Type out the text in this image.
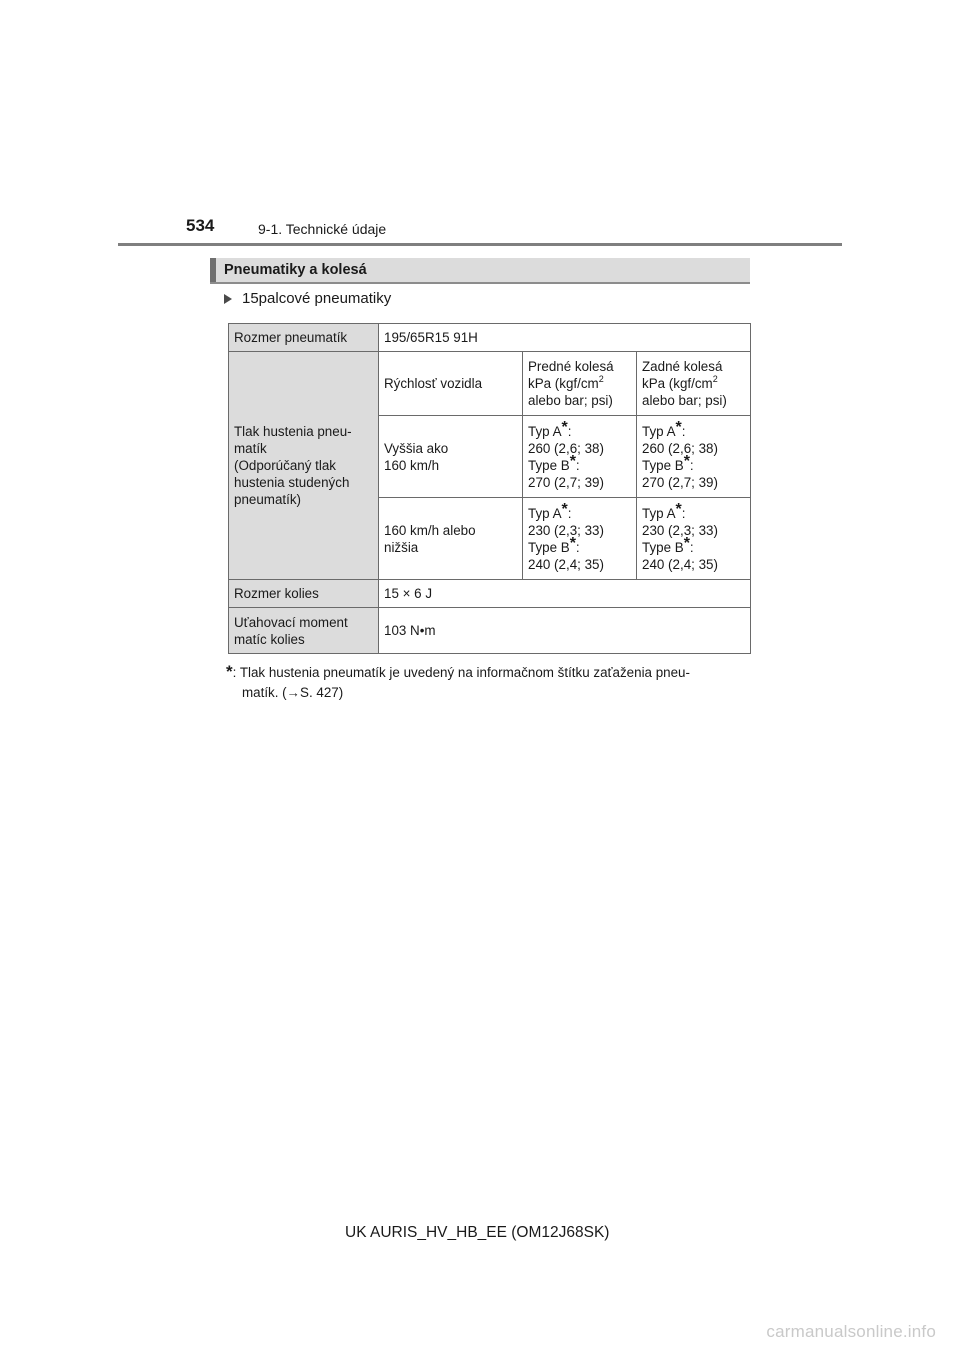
534	9-1. Technické údaje
Pneumatiky a kolesá
15palcové pneumatiky
Rozmer pneumatík	195/65R15 91H		
Tlak hustenia pneu-
matík
(Odporúčaný tlak
hustenia studených
pneumatík)	Rýchlosť vozidla	Predné kolesá
kPa ($kgf/cm^2$
alebo bar; psi)	Zadné kolesá
kPa ($kgf/cm^2$
alebo bar; psi)
	Vyššia ako
160 km/h	Typ A*:
260 (2,6; 38)
Type B*:
270 (2,7; 39)	Typ A*:
260 (2,6; 38)
Type B*:
270 (2,7; 39)
	160 km/h alebo
nižšia	Typ A*:
230 (2,3; 33)
Type B*:
240 (2,4; 35)	Typ A*:
230 (2,3; 33)
Type B*:
240 (2,4; 35)
Rozmer kolies	15 × 6 J		
Uťahovací moment
matíc kolies	103 N•m		
*: Tlak hustenia pneumatík je uvedený na informačnom štítku zaťaženia pneu-
matík. (→S. 427)
UK AURIS_HV_HB_EE (OM12J68SK)
carmanualsonline.info
